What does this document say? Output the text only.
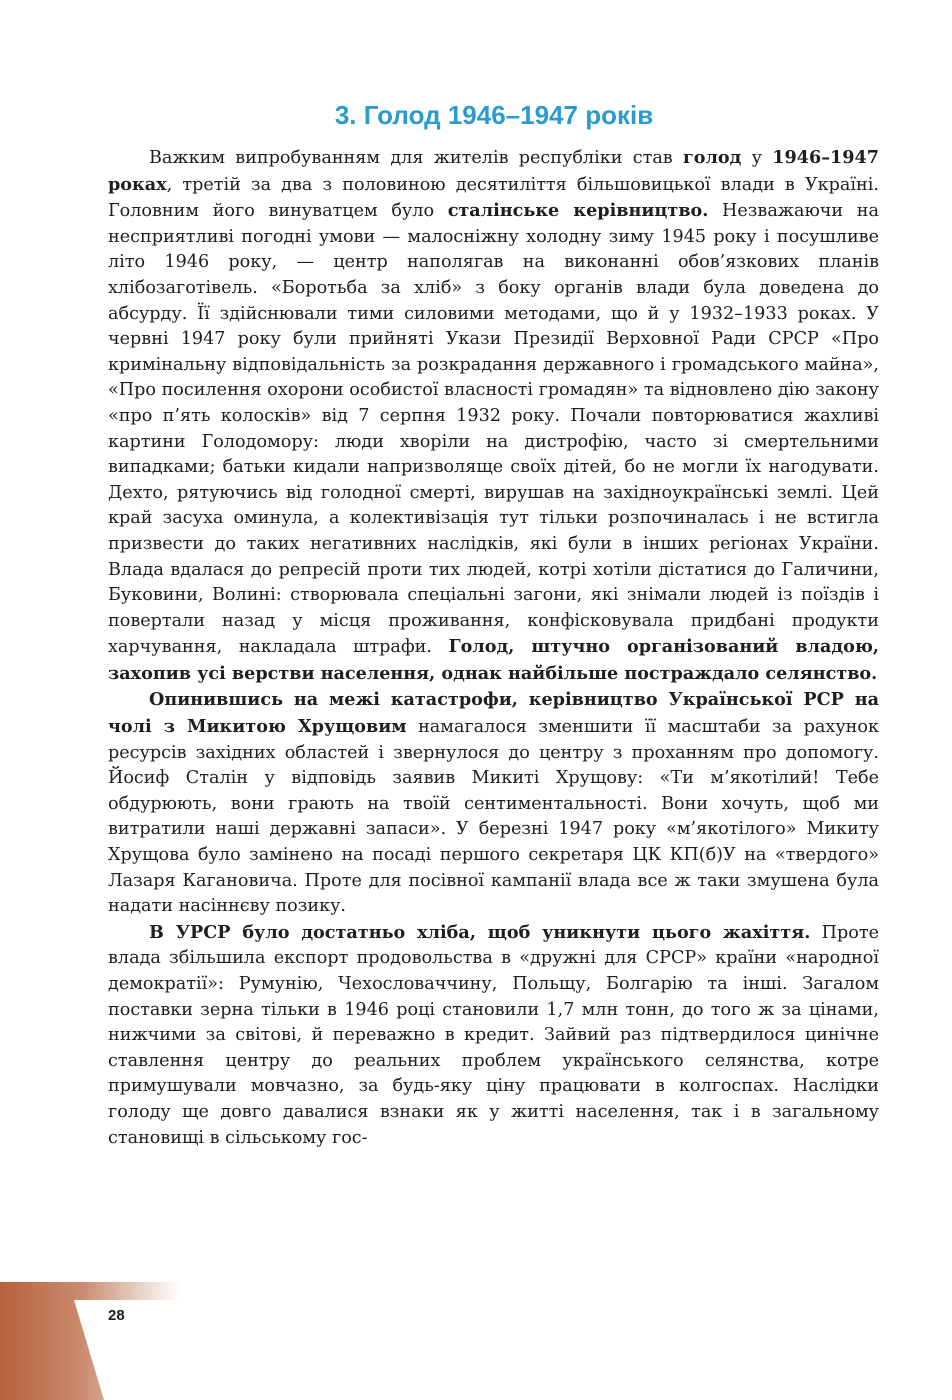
3. Голод 1946–1947 років

Важким випробуванням для жителів республіки став голод у 1946–1947 роках, третій за два з половиною десятиліття більшовицької влади в Україні. Головним його винуватцем було сталінське керівництво. Незважаючи на несприятливі погодні умови — малосніжну холодну зиму 1945 року і посушливе літо 1946 року, — центр наполягав на виконанні обов’язкових планів хлібозаготівель. «Боротьба за хліб» з боку органів влади була доведена до абсурду. Її здійснювали тими силовими методами, що й у 1932–1933 роках. У червні 1947 року були прийняті Укази Президії Верховної Ради СРСР «Про кримінальну відповідальність за розкрадання державного і громадського майна», «Про посилення охорони особистої власності громадян» та відновлено дію закону «про п’ять колосків» від 7 серпня 1932 року. Почали повторюватися жахливі картини Голодомору: люди хворіли на дистрофію, часто зі смертельними випадками; батьки кидали напризволяще своїх дітей, бо не могли їх нагодувати. Дехто, рятуючись від голодної смерті, вирушав на західноукраїнські землі. Цей край засуха оминула, а колективізація тут тільки розпочиналась і не встигла призвести до таких негативних наслідків, які були в інших регіонах України. Влада вдалася до репресій проти тих людей, котрі хотіли дістатися до Галичини, Буковини, Волині: створювала спеціальні загони, які знімали людей із поїздів і повертали назад у місця проживання, конфісковувала придбані продукти харчування, накладала штрафи. Голод, штучно організований владою, захопив усі верстви населення, однак найбільше постраждало селянство.

Опинившись на межі катастрофи, керівництво Української РСР на чолі з Микитою Хрущовим намагалося зменшити її масштаби за рахунок ресурсів західних областей і звернулося до центру з проханням про допомогу. Йосиф Сталін у відповідь заявив Микиті Хрущову: «Ти м’якотілий! Тебе обдурюють, вони грають на твоїй сентиментальності. Вони хочуть, щоб ми витратили наші державні запаси». У березні 1947 року «м’якотілого» Микиту Хрущова було замінено на посаді першого секретаря ЦК КП(б)У на «твердого» Лазаря Кагановича. Проте для посівної кампанії влада все ж таки змушена була надати насіннєву позику.

В УРСР було достатньо хліба, щоб уникнути цього жахіття. Проте влада збільшила експорт продовольства в «дружні для СРСР» країни «народної демократії»: Румунію, Чехословаччину, Польщу, Болгарію та інші. Загалом поставки зерна тільки в 1946 році становили 1,7 млн тонн, до того ж за цінами, нижчими за світові, й переважно в кредит. Зайвий раз підтвердилося цинічне ставлення центру до реальних проблем українського селянства, котре примушували мовчазно, за будь-яку ціну працювати в колгоспах. Наслідки голоду ще довго давалися взнаки як у житті населення, так і в загальному становищі в сільському гос-

28
